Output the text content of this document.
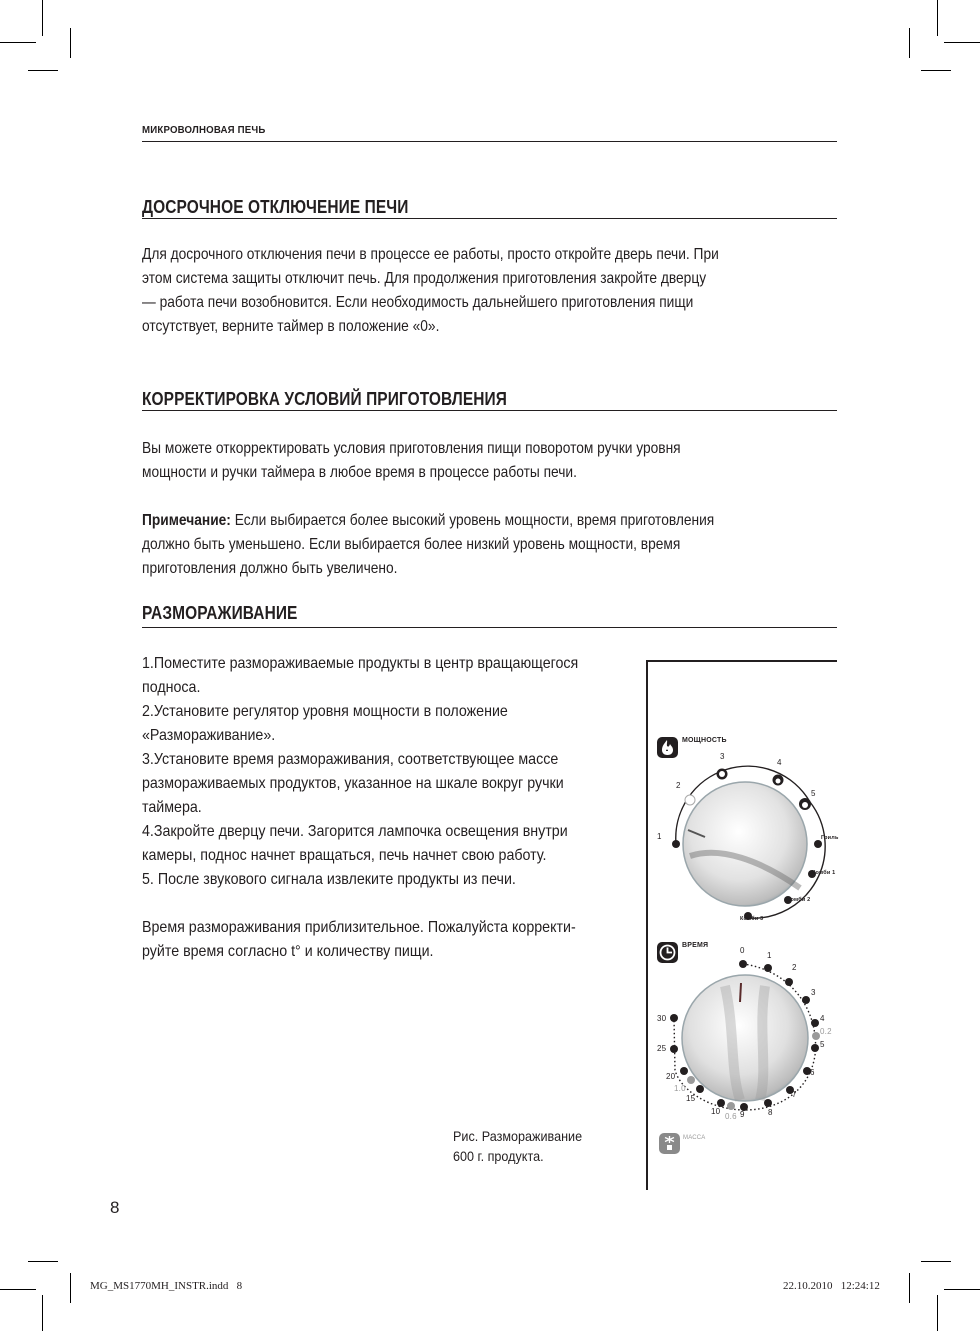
МИКРОВОЛНОВАЯ ПЕЧЬ
ДОСРОЧНОЕ ОТКЛЮЧЕНИЕ ПЕЧИ
Для досрочного отключения печи в процессе ее работы, просто откройте дверь печи. При
этом система защиты отключит печь. Для продолжения приготовления закройте дверцу
— работа печи возобновится. Если необходимость дальнейшего приготовления пищи
отсутствует, верните таймер в положение «0».
КОРРЕКТИРОВКА УСЛОВИЙ ПРИГОТОВЛЕНИЯ
Вы можете откорректировать условия приготовления пищи поворотом ручки уровня
мощности и ручки таймера в любое время в процессе работы печи.
Примечание: Если выбирается более высокий уровень мощности, время приготовления
должно быть уменьшено. Если выбирается более низкий уровень мощности, время
приготовления должно быть увеличено.
РАЗМОРАЖИВАНИЕ
1.Поместите размораживаемые продукты в центр вращающегося
подноса.
2.Установите регулятор уровня мощности в положение
«Размораживание».
3.Установите время размораживания, соответствующее массе
размораживаемых продуктов, указанное на шкале вокруг ручки
таймера.
4.Закройте дверцу печи. Загорится лампочка освещения внутри
камеры, поднос начнет вращаться, печь начнет свою работу.
5. После звукового сигнала извлеките продукты из печи.
Время размораживания приблизительное. Пожалуйста корректи-
руйте время согласно t° и количеству пищи.
МОЩНОСТЬ
1
2
3
4
5
Гриль
Комби 1
Комби 2
Комби 3
ВРЕМЯ
0
1
2
3
4
0.2
5
6
7
8
9
0.6
10
15
1.0
20
25
30
МАССА
Рис. Размораживание
600 г. продукта.
8
MG_MS1770MH_INSTR.indd   8	22.10.2010   12:24:12
